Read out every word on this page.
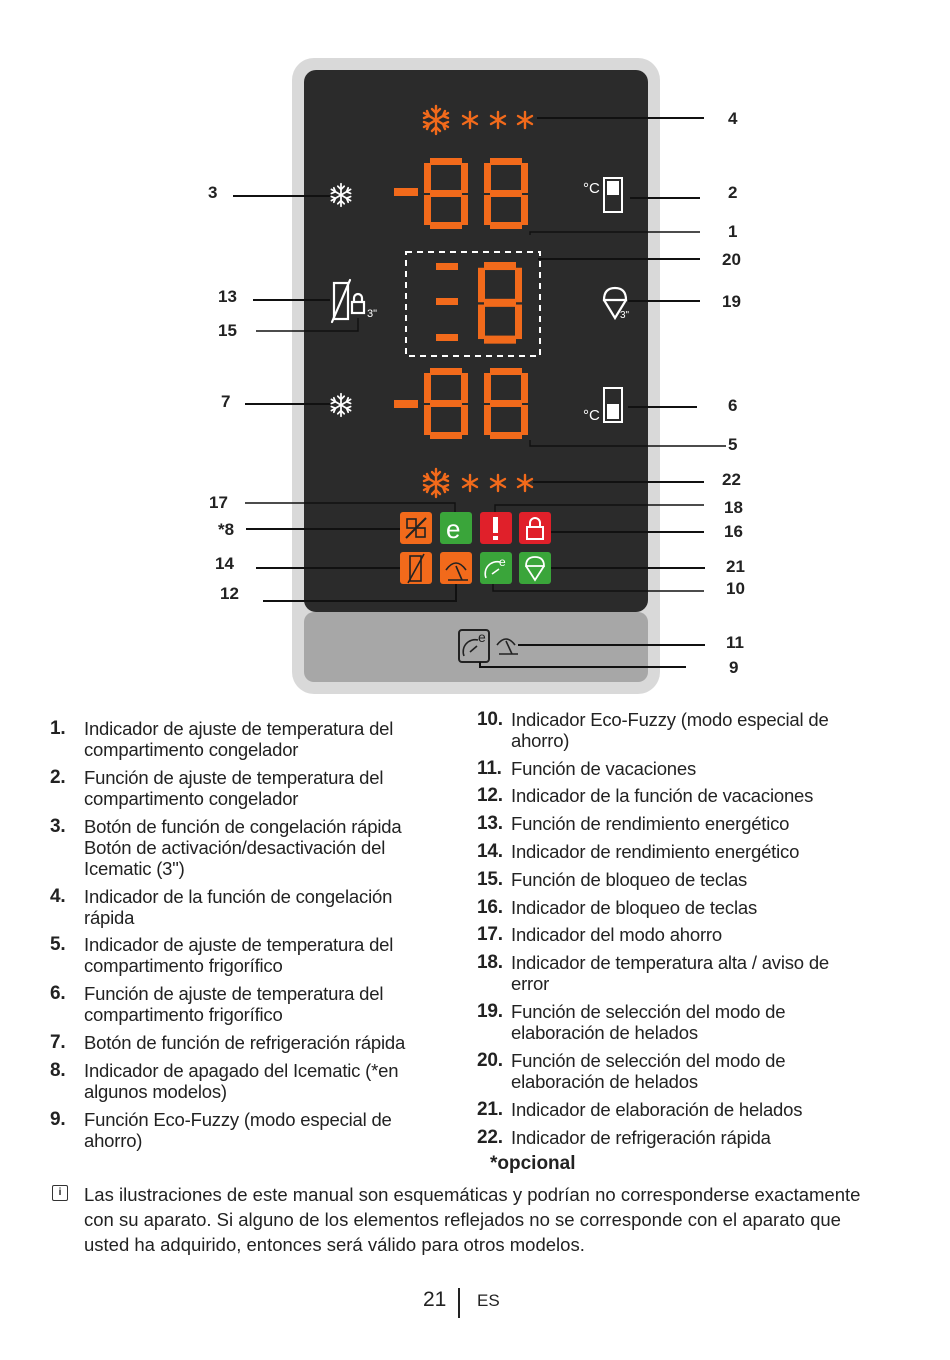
°C
3"	3"
°C
e
e
e
4
3	2
1
20
13	19
15
7	6
5
22
17	18
*8	16
14	21
10
12
11
9
1. Indicador de ajuste de temperatura del compartimento congelador
2. Función de ajuste de temperatura del compartimento congelador
3. Botón de función de congelación rápida Botón de activación/desactivación del Icematic (3")
4. Indicador de la función de congelación rápida
5. Indicador de ajuste de temperatura del compartimento frigorífico
6. Función de ajuste de temperatura del compartimento frigorífico
7. Botón de función de refrigeración rápida
8. Indicador de apagado del Icematic (*en algunos modelos)
9. Función Eco-Fuzzy (modo especial de ahorro)
10. Indicador Eco-Fuzzy (modo especial de ahorro)
11. Función de vacaciones
12. Indicador de la función de vacaciones
13. Función de rendimiento energético
14. Indicador de rendimiento energético
15. Función de bloqueo de teclas
16. Indicador de bloqueo de teclas
17. Indicador del modo ahorro
18. Indicador de temperatura alta / aviso de error
19. Función de selección del modo de elaboración de helados
20. Función de selección del modo de elaboración de helados
21. Indicador de elaboración de helados
22. Indicador de refrigeración rápida
*opcional
i	Las ilustraciones de este manual son esquemáticas y podrían no corresponderse exactamente con su aparato. Si alguno de los elementos reflejados no se corresponde con el aparato que usted ha adquirido, entonces será válido para otros modelos.
21 ES
